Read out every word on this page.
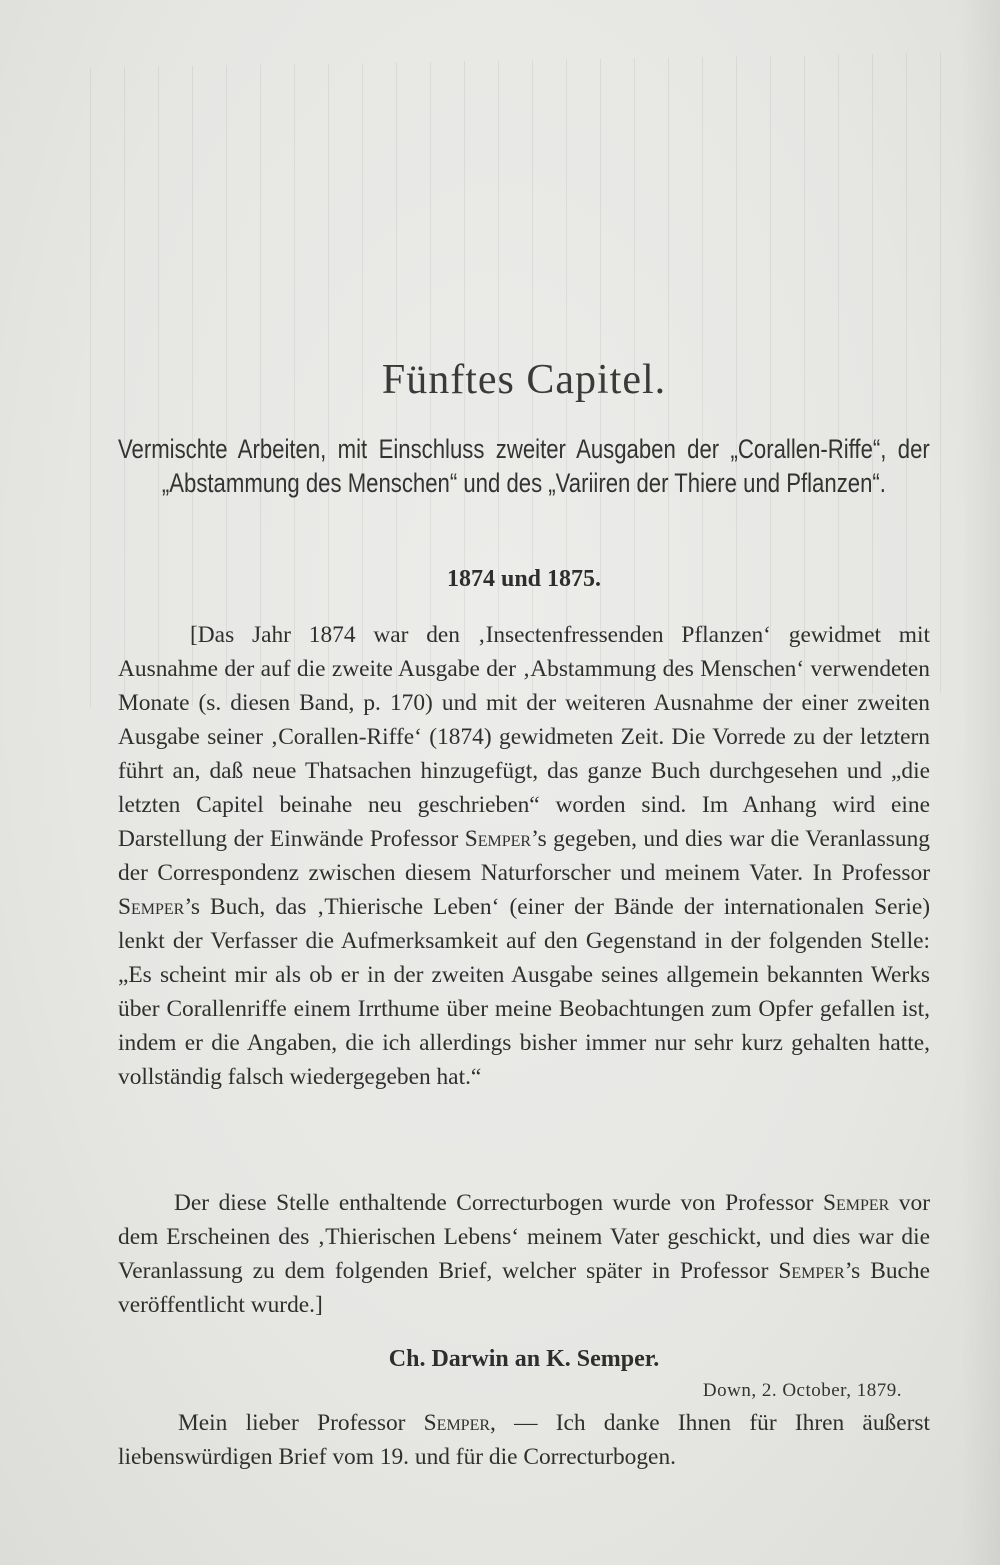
Fünftes Capitel.
Vermischte Arbeiten, mit Einschluss zweiter Ausgaben der „Corallen-Riffe“, der „Abstammung des Menschen“ und des „Variiren der Thiere und Pflanzen“.
1874 und 1875.
[Das Jahr 1874 war den ‚Insectenfressenden Pflanzen‘ gewidmet mit Ausnahme der auf die zweite Ausgabe der ‚Abstammung des Menschen‘ verwendeten Monate (s. diesen Band, p. 170) und mit der weiteren Ausnahme der einer zweiten Ausgabe seiner ‚Corallen-Riffe‘ (1874) gewidmeten Zeit. Die Vorrede zu der letztern führt an, daß neue Thatsachen hinzugefügt, das ganze Buch durchgesehen und „die letzten Capitel beinahe neu geschrieben“ worden sind. Im Anhang wird eine Darstellung der Einwände Professor Semper’s gegeben, und dies war die Veranlassung der Correspondenz zwischen diesem Naturforscher und meinem Vater. In Professor Semper’s Buch, das ‚Thierische Leben‘ (einer der Bände der internationalen Serie) lenkt der Verfasser die Aufmerksamkeit auf den Gegenstand in der folgenden Stelle: „Es scheint mir als ob er in der zweiten Ausgabe seines allgemein bekannten Werks über Corallenriffe einem Irrthume über meine Beobachtungen zum Opfer gefallen ist, indem er die Angaben, die ich allerdings bisher immer nur sehr kurz gehalten hatte, vollständig falsch wiedergegeben hat.“
Der diese Stelle enthaltende Correcturbogen wurde von Professor Semper vor dem Erscheinen des ‚Thierischen Lebens‘ meinem Vater geschickt, und dies war die Veranlassung zu dem folgenden Brief, welcher später in Professor Semper’s Buche veröffentlicht wurde.]
Ch. Darwin an K. Semper.
Down, 2. October, 1879.
Mein lieber Professor Semper, — Ich danke Ihnen für Ihren äußerst liebenswürdigen Brief vom 19. und für die Correcturbogen.
